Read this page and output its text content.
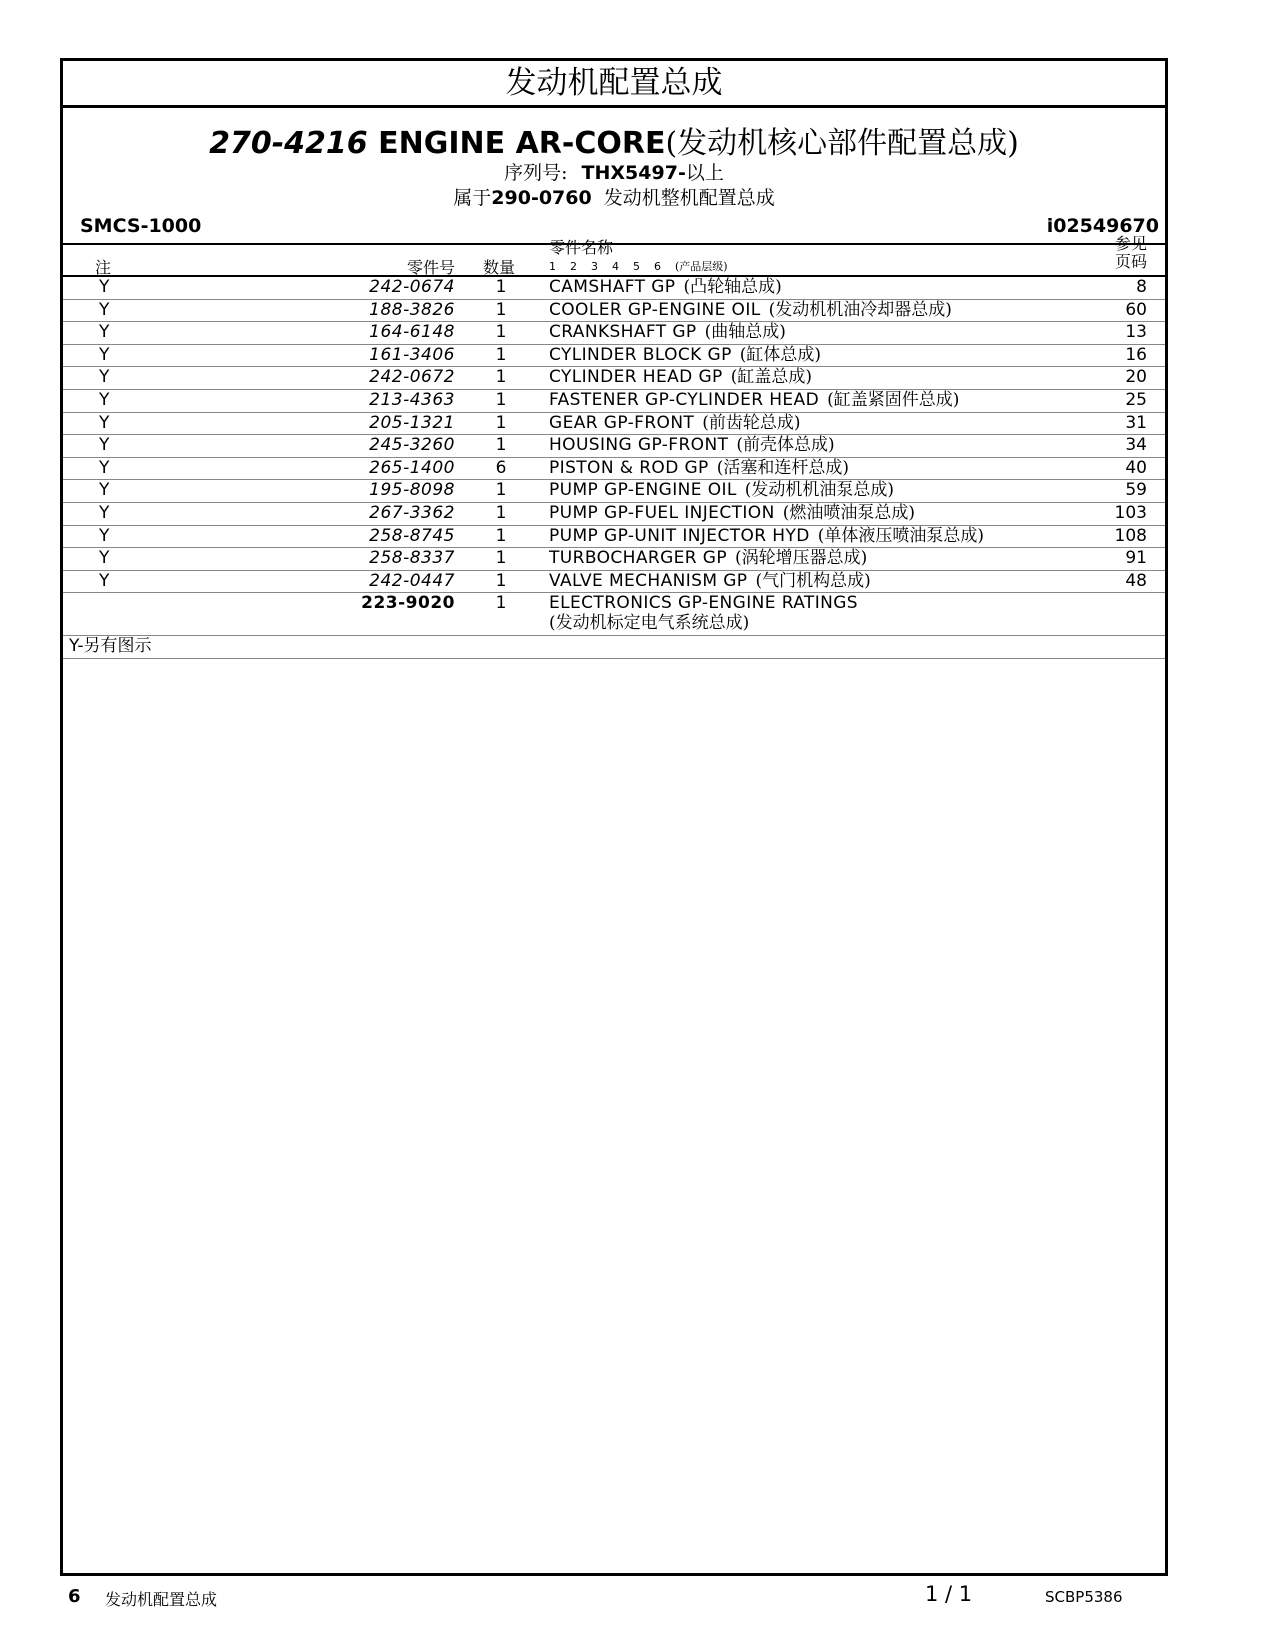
发动机配置总成
270-4216 ENGINE AR-CORE(发动机核心部件配置总成)
序列号: THX5497-以上
属于290-0760 发动机整机配置总成
SMCS-1000	i02549670
注	零件号 数量
零件名称
1 2 3 4 5 6 (产品层级)
参见
页码
Y	242-0674 1	CAMSHAFT GP (凸轮轴总成)	8
Y	188-3826 1	COOLER GP-ENGINE OIL (发动机机油冷却器总成)	60
Y	164-6148 1	CRANKSHAFT GP (曲轴总成)	13
Y	161-3406 1	CYLINDER BLOCK GP (缸体总成)	16
Y	242-0672 1	CYLINDER HEAD GP (缸盖总成)	20
Y	213-4363 1	FASTENER GP-CYLINDER HEAD (缸盖紧固件总成)	25
Y	205-1321 1	GEAR GP-FRONT (前齿轮总成)	31
Y	245-3260 1	HOUSING GP-FRONT (前壳体总成)	34
Y	265-1400 6	PISTON & ROD GP (活塞和连杆总成)	40
Y	195-8098 1	PUMP GP-ENGINE OIL (发动机机油泵总成)	59
Y	267-3362 1	PUMP GP-FUEL INJECTION (燃油喷油泵总成)	103
Y	258-8745 1	PUMP GP-UNIT INJECTOR HYD (单体液压喷油泵总成)	108
Y	258-8337 1	TURBOCHARGER GP (涡轮增压器总成)	91
Y	242-0447 1	VALVE MECHANISM GP (气门机构总成)	48
223-9020 1	ELECTRONICS GP-ENGINE RATINGS
(发动机标定电气系统总成)
Y-另有图示
6 发动机配置总成	1 / 1	SCBP5386
